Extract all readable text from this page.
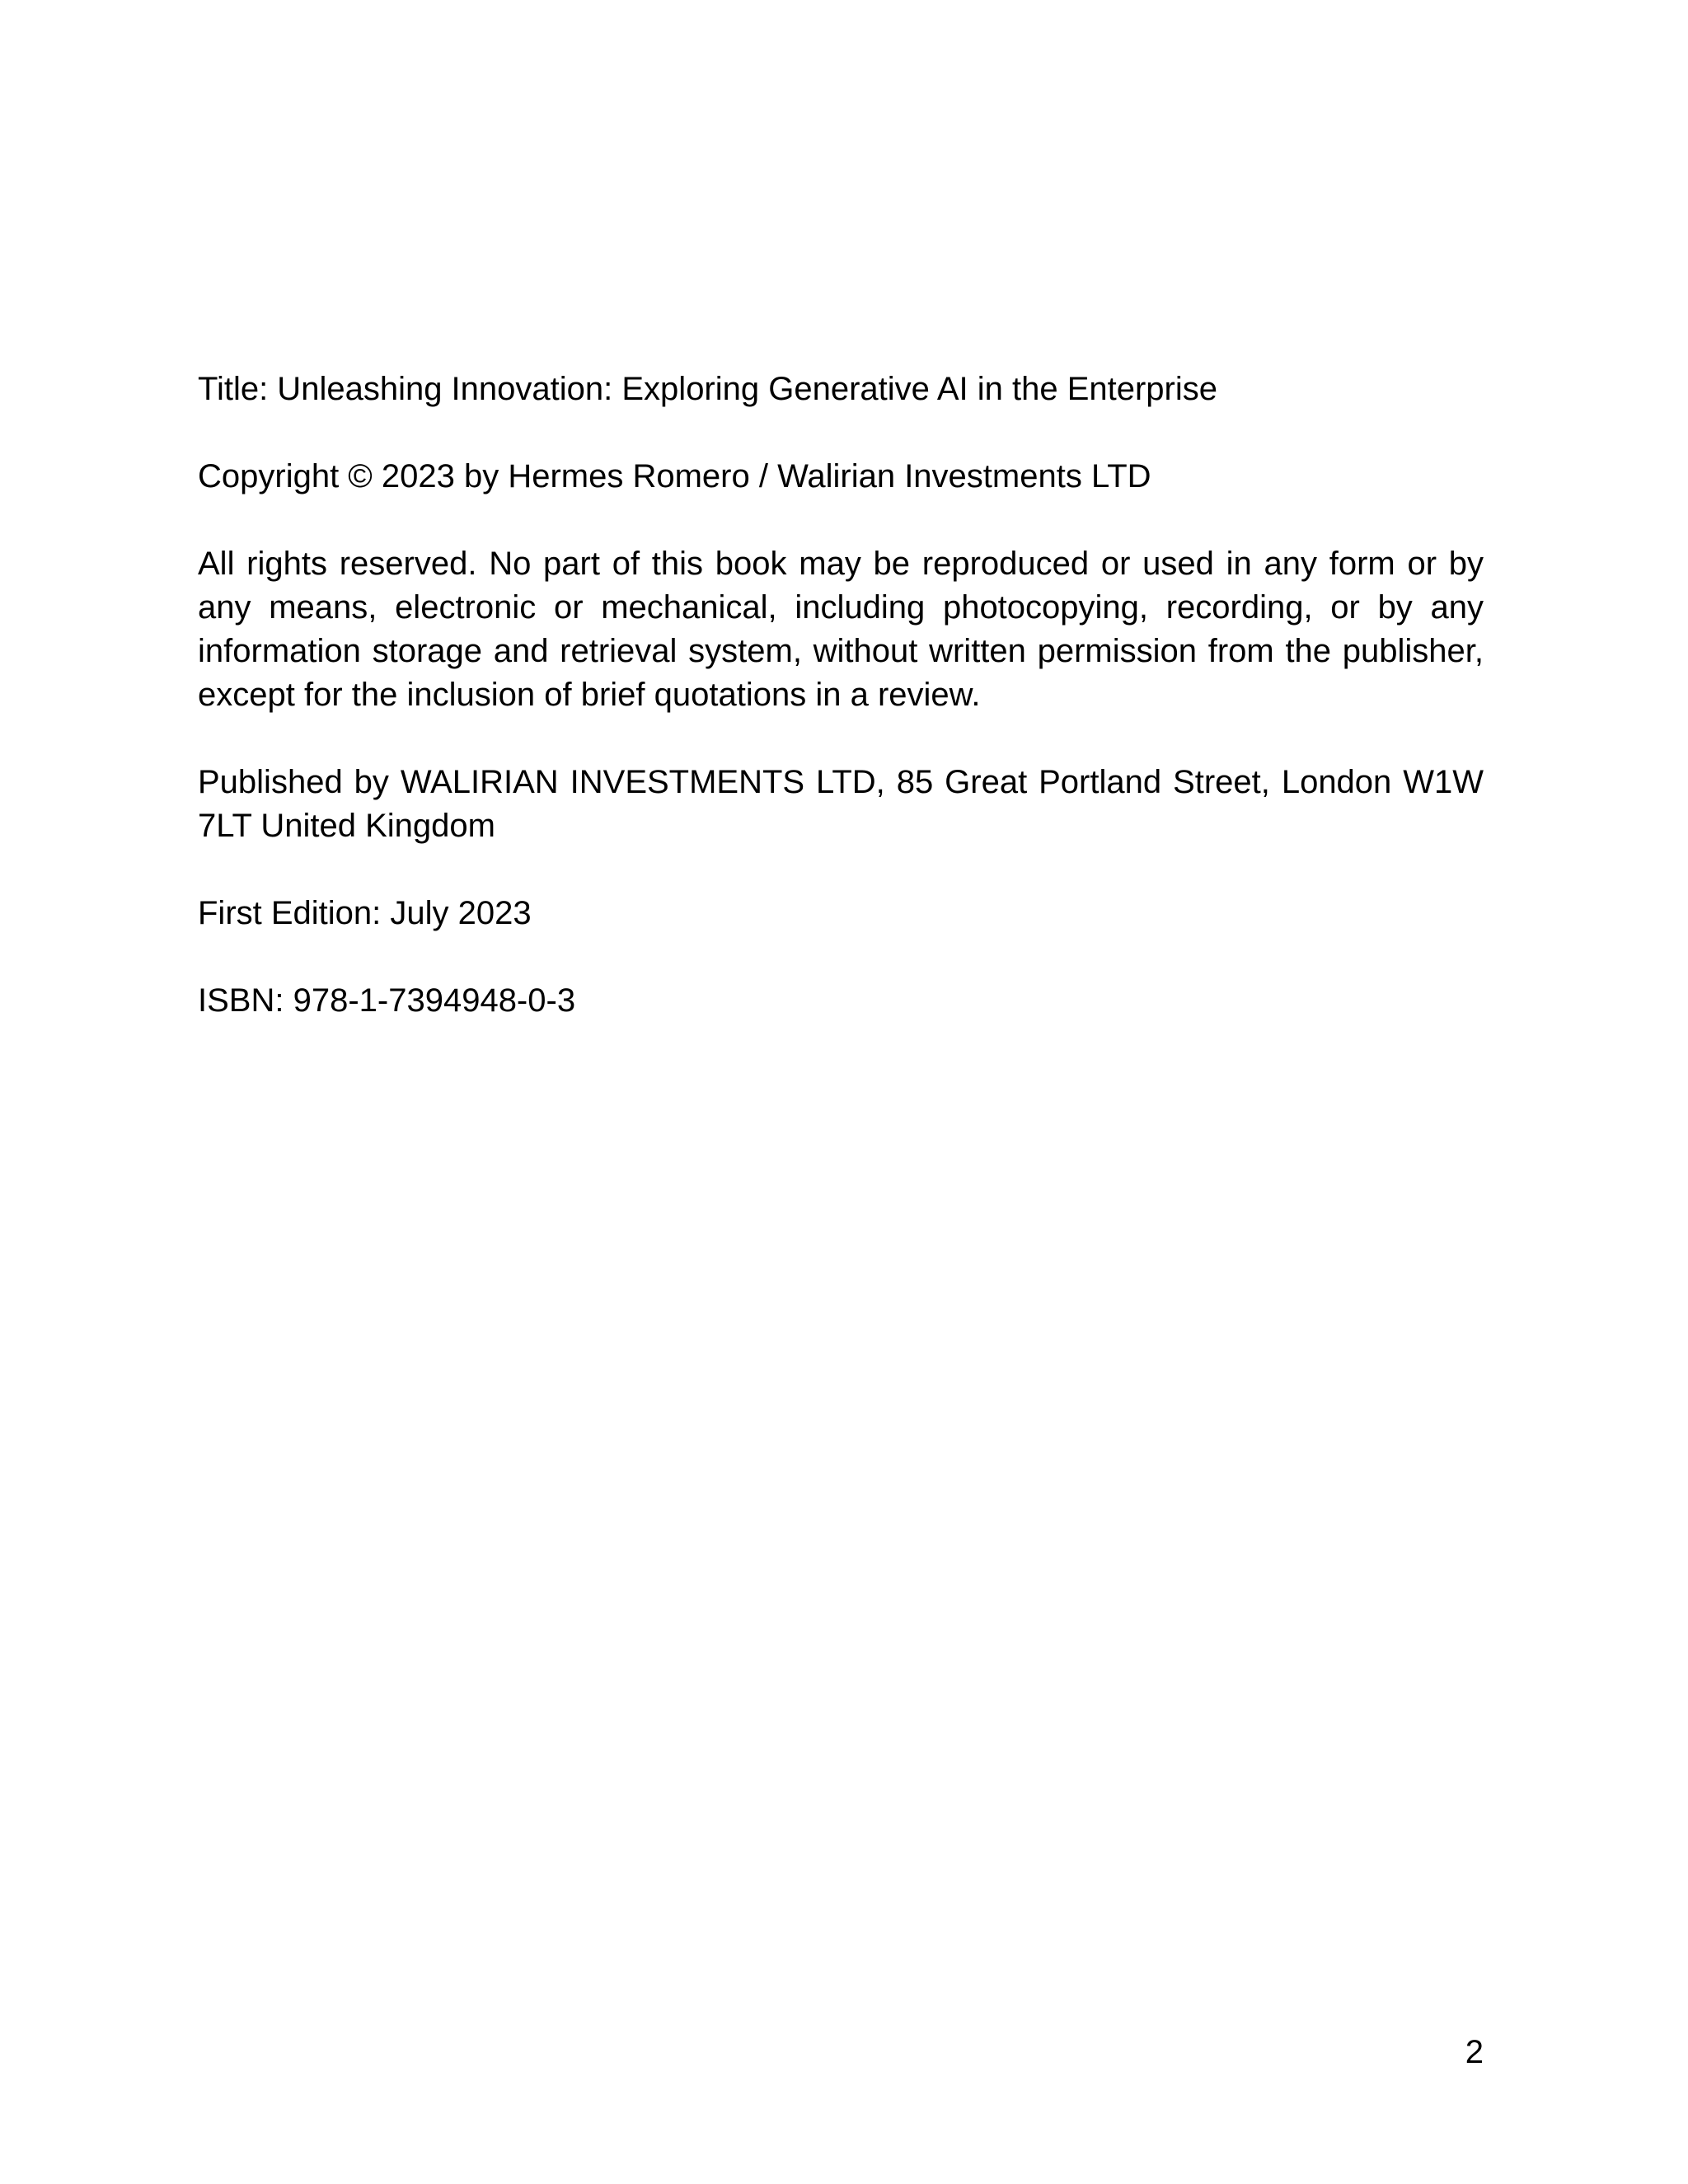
Title: Unleashing Innovation: Exploring Generative AI in the Enterprise

Copyright © 2023 by Hermes Romero / Walirian Investments LTD

All rights reserved. No part of this book may be reproduced or used in any form or by any means, electronic or mechanical, including photocopying, recording, or by any information storage and retrieval system, without written permission from the publisher, except for the inclusion of brief quotations in a review.

Published by WALIRIAN INVESTMENTS LTD, 85 Great Portland Street, London W1W 7LT United Kingdom

First Edition: July 2023

ISBN: 978-1-7394948-0-3

2
